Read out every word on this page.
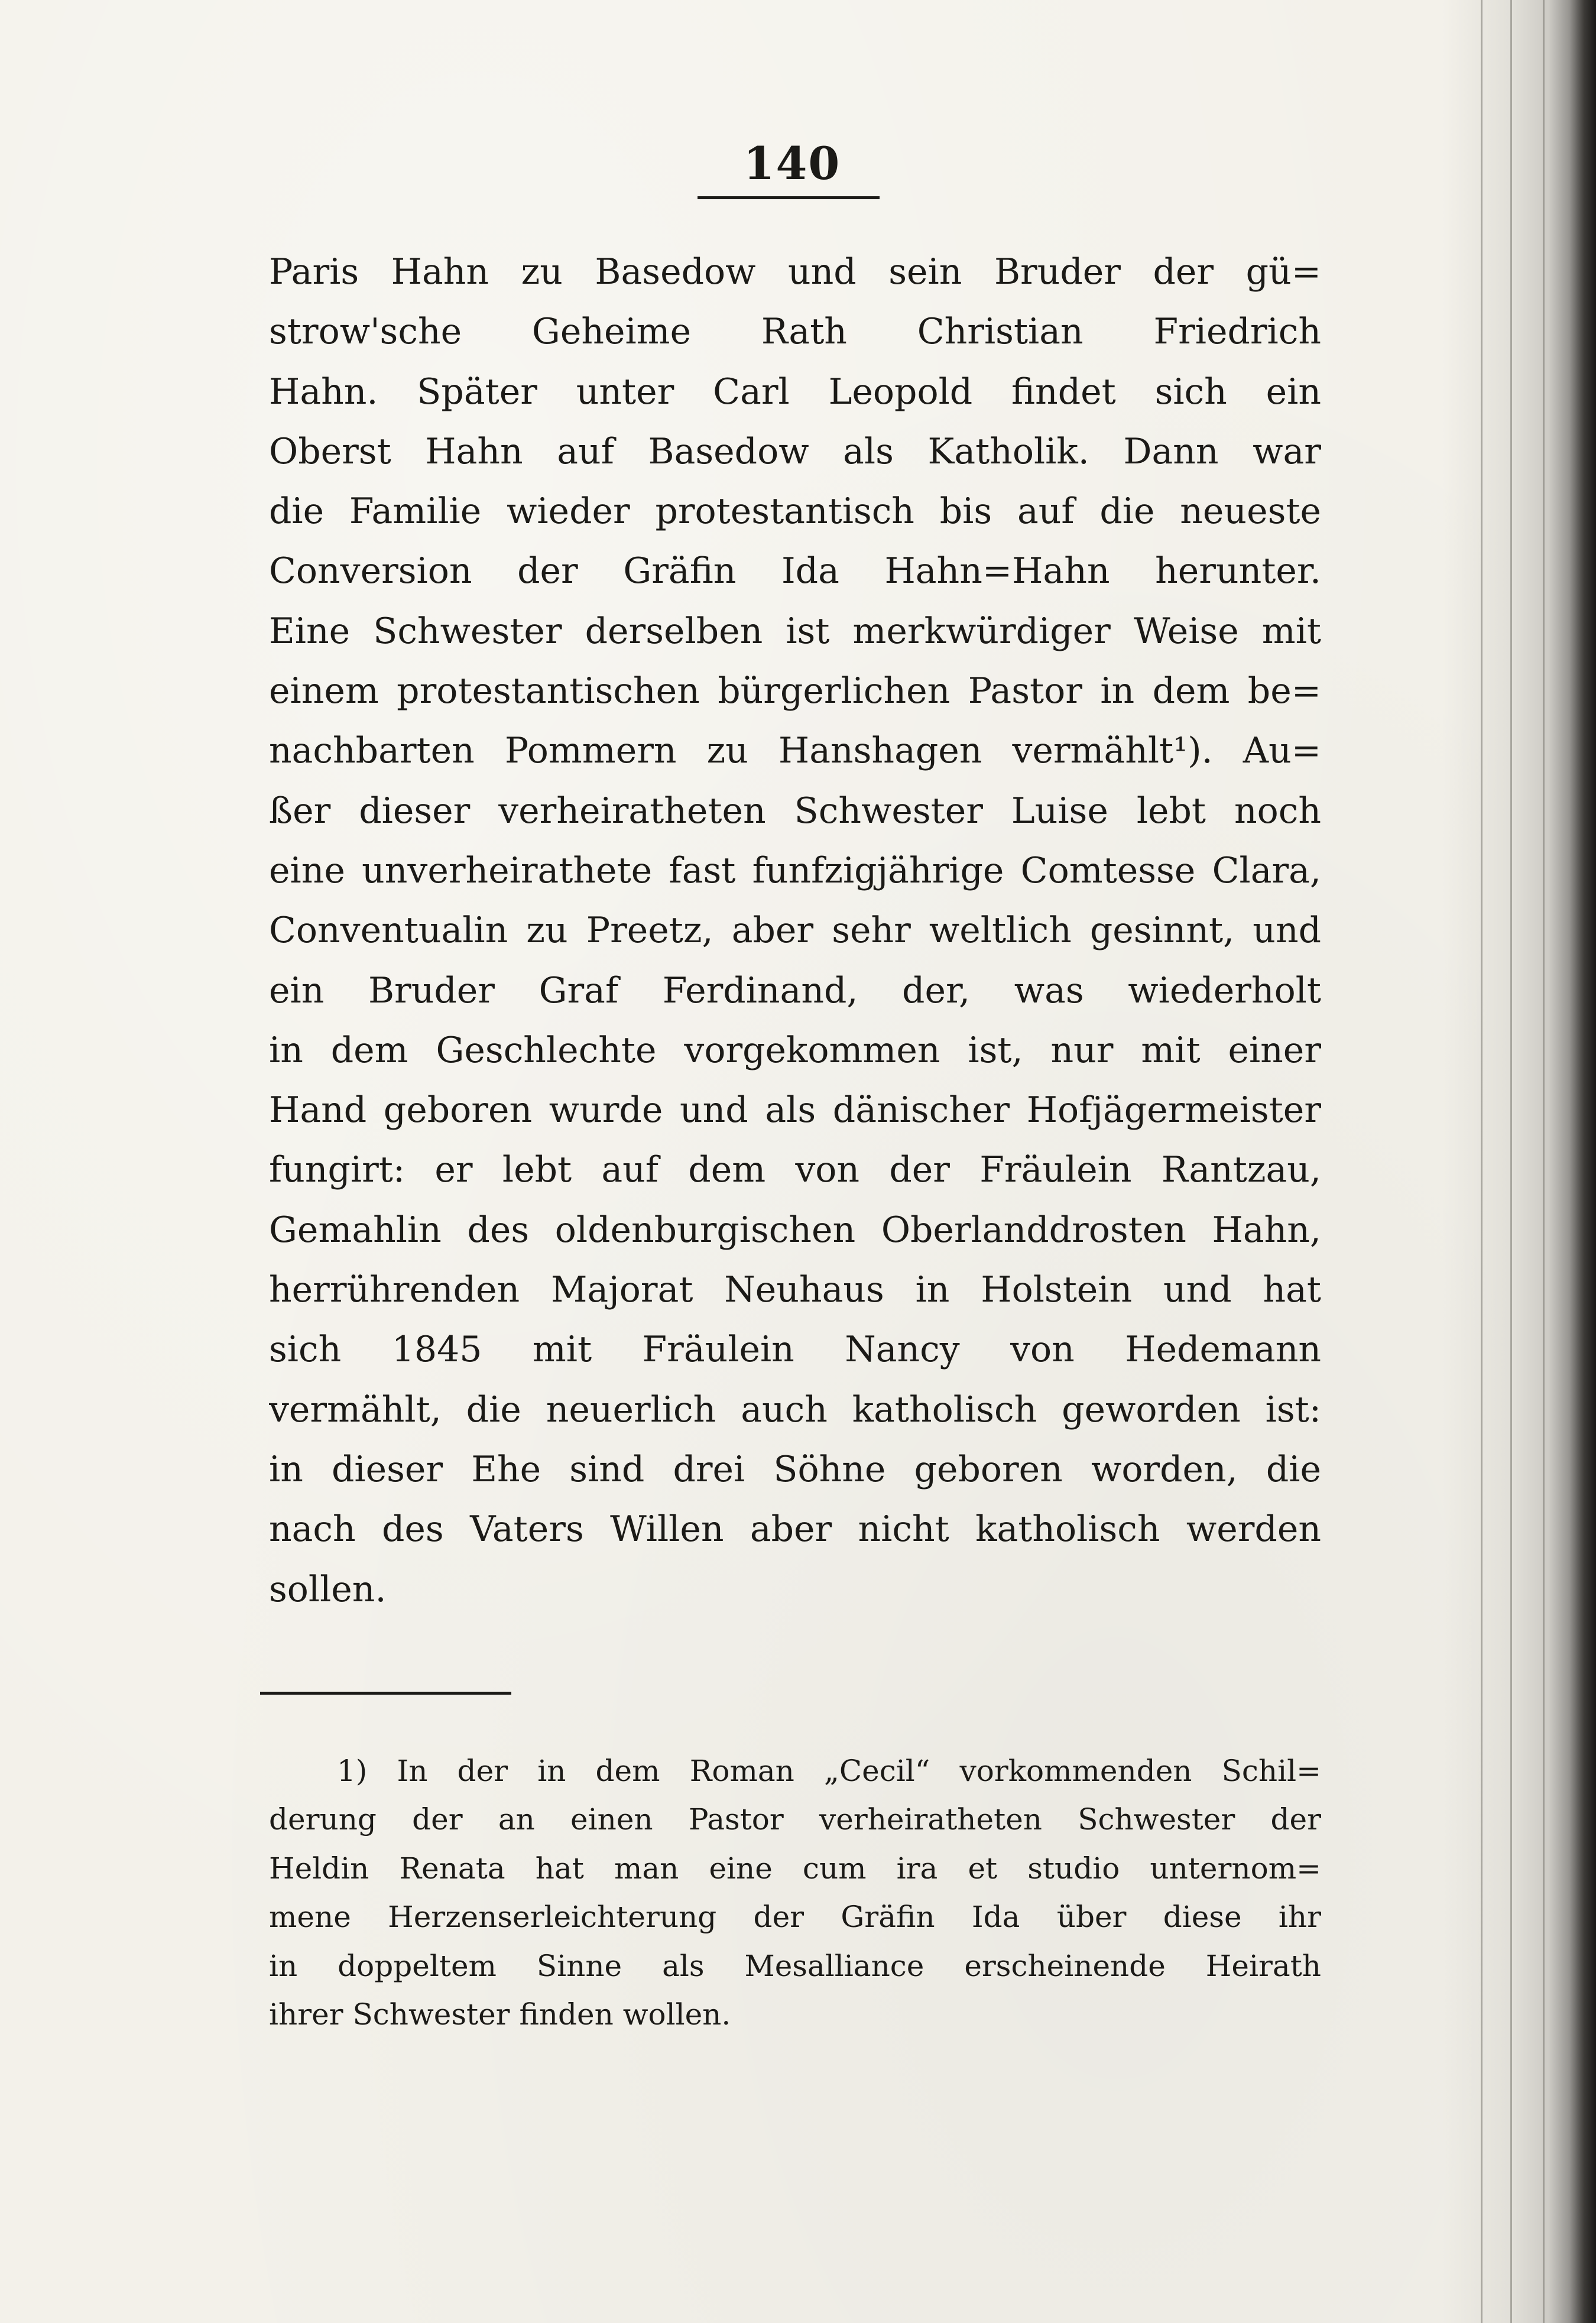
140
Paris Hahn zu Basedow und sein Bruder der gü=
strow'sche Geheime Rath Christian Friedrich
Hahn. Später unter Carl Leopold findet sich ein
Oberst Hahn auf Basedow als Katholik. Dann war
die Familie wieder protestantisch bis auf die neueste
Conversion der Gräfin Ida Hahn=Hahn herunter.
Eine Schwester derselben ist merkwürdiger Weise mit
einem protestantischen bürgerlichen Pastor in dem be=
nachbarten Pommern zu Hanshagen vermählt¹). Au=
ßer dieser verheiratheten Schwester Luise lebt noch
eine unverheirathete fast funfzigjährige Comtesse Clara,
Conventualin zu Preetz, aber sehr weltlich gesinnt, und
ein Bruder Graf Ferdinand, der, was wiederholt
in dem Geschlechte vorgekommen ist, nur mit einer
Hand geboren wurde und als dänischer Hofjägermeister
fungirt: er lebt auf dem von der Fräulein Rantzau,
Gemahlin des oldenburgischen Oberlanddrosten Hahn,
herrührenden Majorat Neuhaus in Holstein und hat
sich 1845 mit Fräulein Nancy von Hedemann
vermählt, die neuerlich auch katholisch geworden ist:
in dieser Ehe sind drei Söhne geboren worden, die
nach des Vaters Willen aber nicht katholisch werden
sollen.
1) In der in dem Roman „Cecil“ vorkommenden Schil=
derung der an einen Pastor verheiratheten Schwester der
Heldin Renata hat man eine cum ira et studio unternom=
mene Herzenserleichterung der Gräfin Ida über diese ihr
in doppeltem Sinne als Mesalliance erscheinende Heirath
ihrer Schwester finden wollen.
